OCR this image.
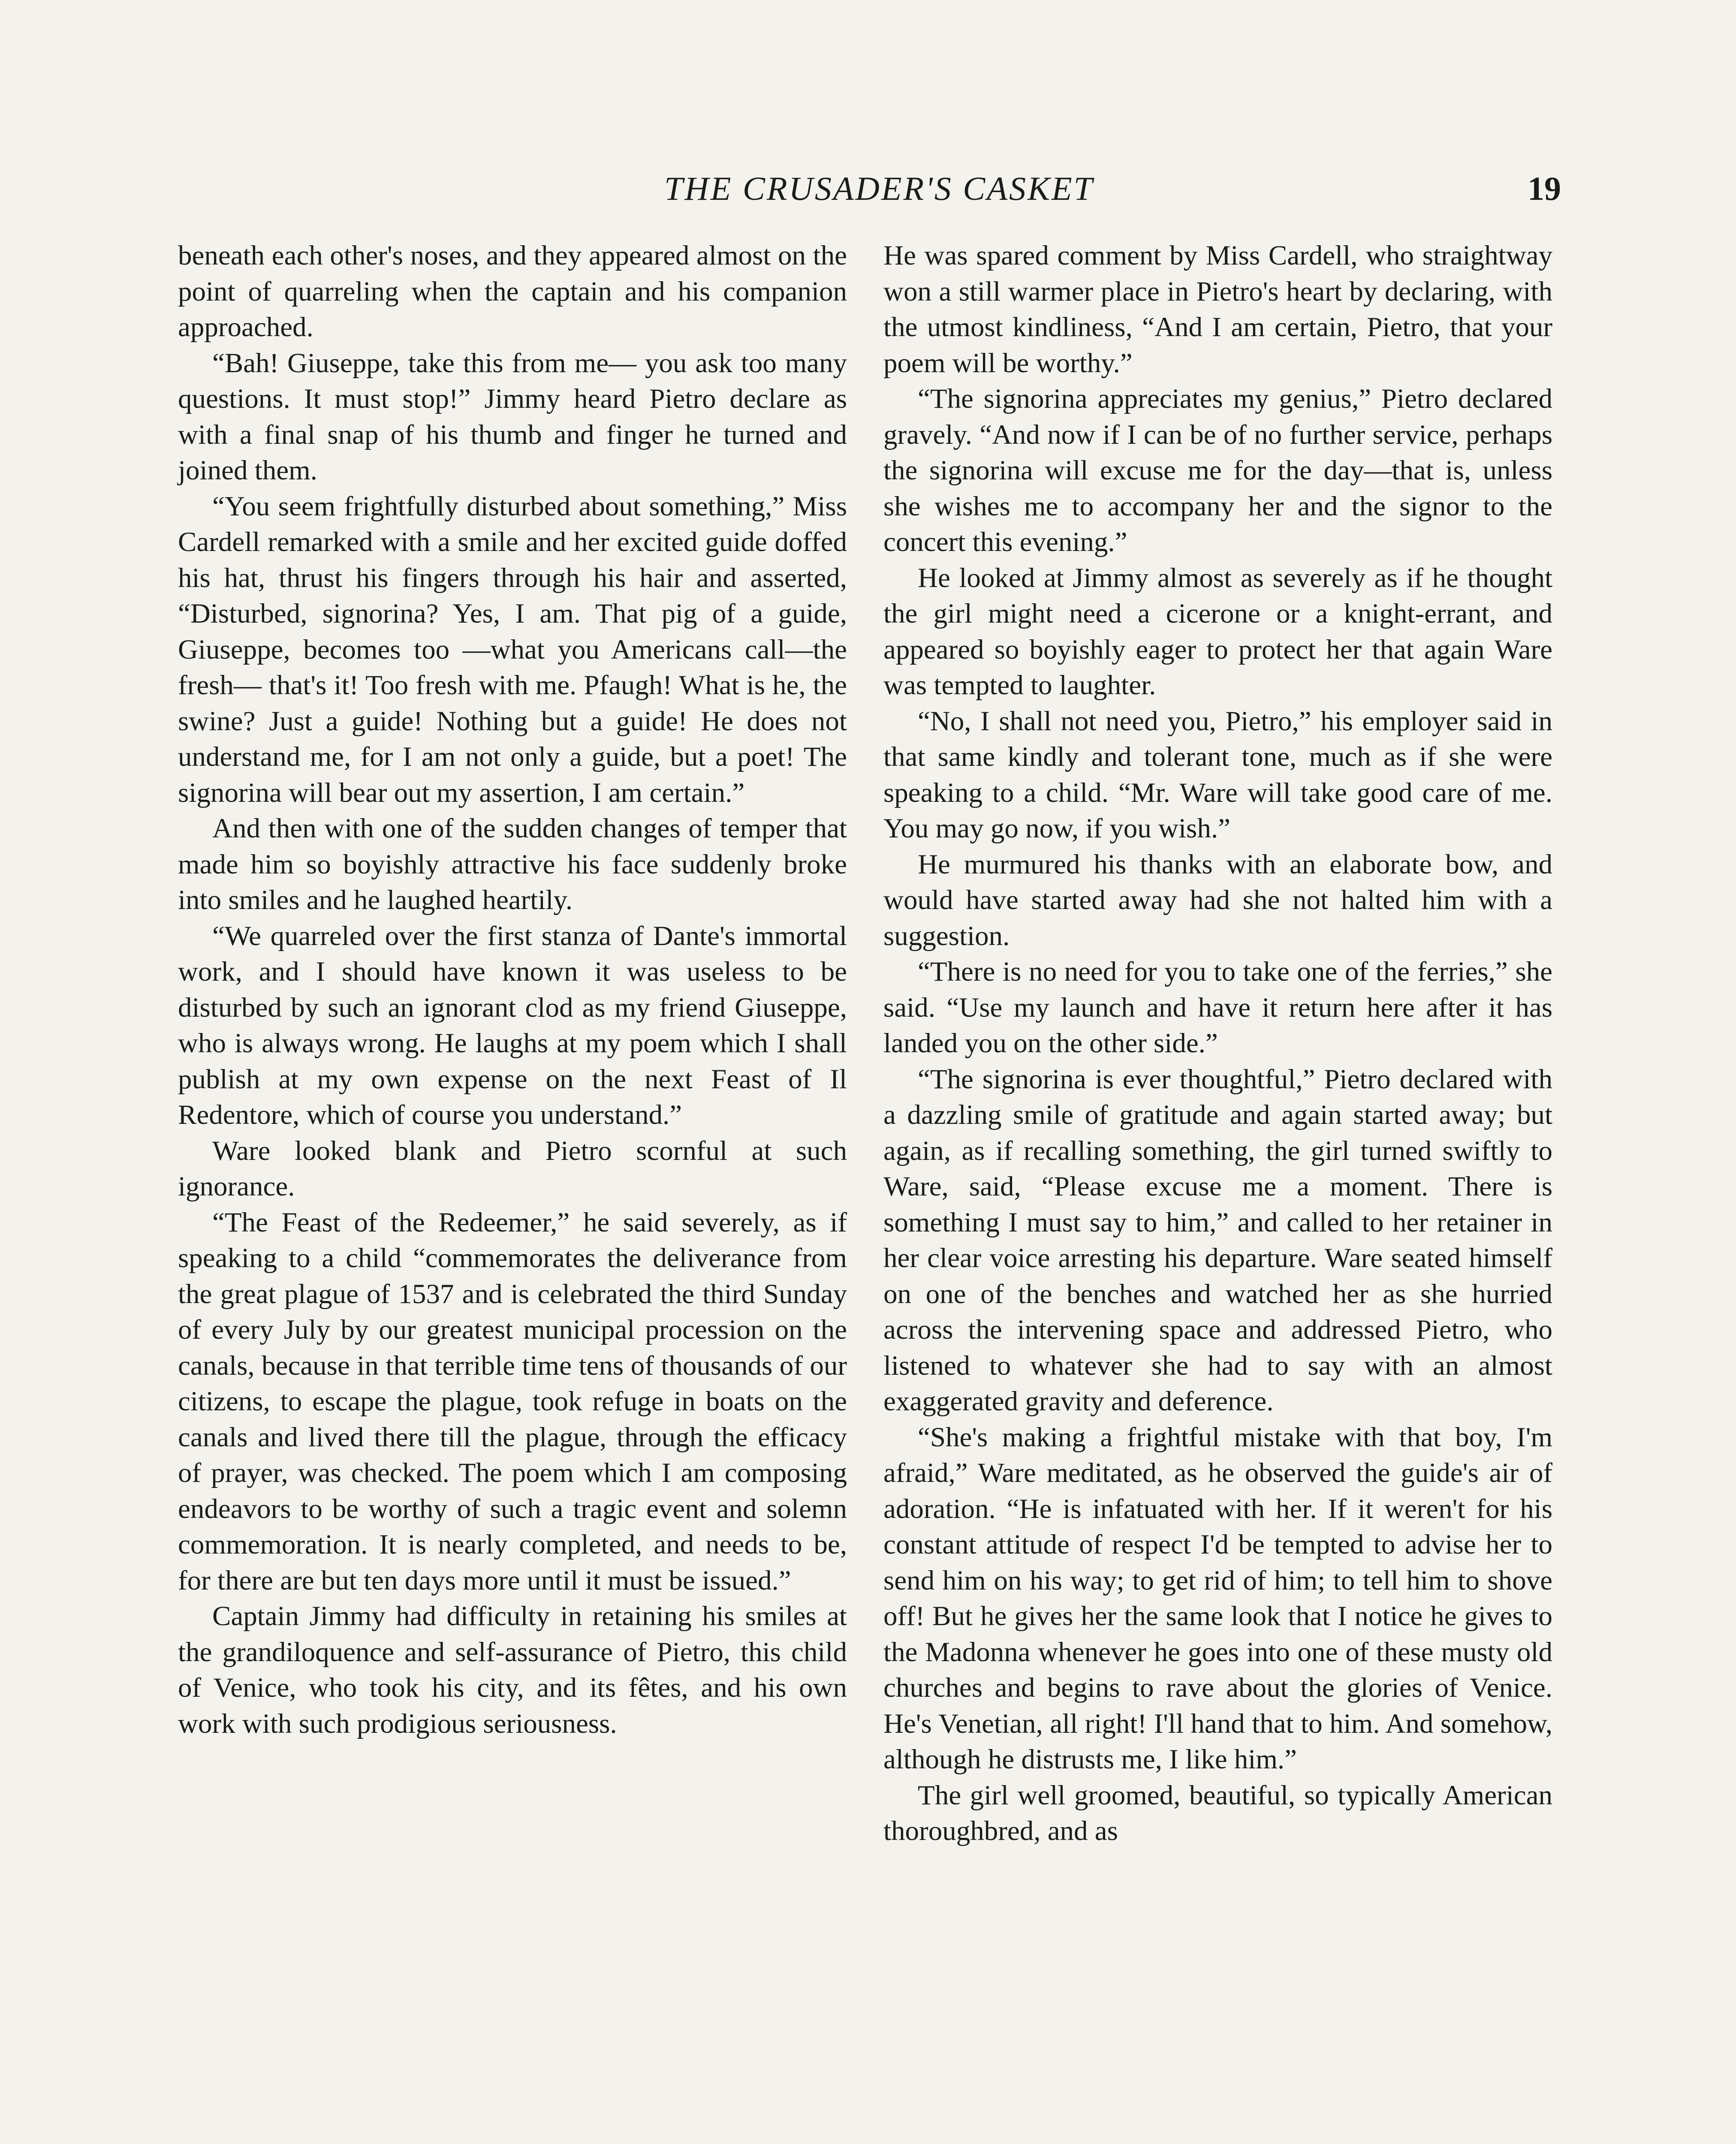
THE CRUSADER'S CASKET	19

beneath each other's noses, and they appeared almost on the point of quarreling when the captain and his companion approached.

“Bah! Giuseppe, take this from me— you ask too many questions. It must stop!” Jimmy heard Pietro declare as with a final snap of his thumb and finger he turned and joined them.

“You seem frightfully disturbed about something,” Miss Cardell remarked with a smile and her excited guide doffed his hat, thrust his fingers through his hair and asserted, “Disturbed, signorina? Yes, I am. That pig of a guide, Giuseppe, becomes too —what you Americans call—the fresh— that's it! Too fresh with me. Pfaugh! What is he, the swine? Just a guide! Nothing but a guide! He does not understand me, for I am not only a guide, but a poet! The signorina will bear out my assertion, I am certain.”

And then with one of the sudden changes of temper that made him so boyishly attractive his face suddenly broke into smiles and he laughed heartily.

“We quarreled over the first stanza of Dante's immortal work, and I should have known it was useless to be disturbed by such an ignorant clod as my friend Giuseppe, who is always wrong. He laughs at my poem which I shall publish at my own expense on the next Feast of Il Redentore, which of course you understand.”

Ware looked blank and Pietro scornful at such ignorance.

“The Feast of the Redeemer,” he said severely, as if speaking to a child “commemorates the deliverance from the great plague of 1537 and is celebrated the third Sunday of every July by our greatest municipal procession on the canals, because in that terrible time tens of thousands of our citizens, to escape the plague, took refuge in boats on the canals and lived there till the plague, through the efficacy of prayer, was checked. The poem which I am composing endeavors to be worthy of such a tragic event and solemn commemoration. It is nearly completed, and needs to be, for there are but ten days more until it must be issued.”

Captain Jimmy had difficulty in retaining his smiles at the grandiloquence and self-assurance of Pietro, this child of Venice, who took his city, and its fêtes, and his own work with such prodigious seriousness.

He was spared comment by Miss Cardell, who straightway won a still warmer place in Pietro's heart by declaring, with the utmost kindliness, “And I am certain, Pietro, that your poem will be worthy.”

“The signorina appreciates my genius,” Pietro declared gravely. “And now if I can be of no further service, perhaps the signorina will excuse me for the day—that is, unless she wishes me to accompany her and the signor to the concert this evening.”

He looked at Jimmy almost as severely as if he thought the girl might need a cicerone or a knight-errant, and appeared so boyishly eager to protect her that again Ware was tempted to laughter.

“No, I shall not need you, Pietro,” his employer said in that same kindly and tolerant tone, much as if she were speaking to a child. “Mr. Ware will take good care of me. You may go now, if you wish.”

He murmured his thanks with an elaborate bow, and would have started away had she not halted him with a suggestion.

“There is no need for you to take one of the ferries,” she said. “Use my launch and have it return here after it has landed you on the other side.”

“The signorina is ever thoughtful,” Pietro declared with a dazzling smile of gratitude and again started away; but again, as if recalling something, the girl turned swiftly to Ware, said, “Please excuse me a moment. There is something I must say to him,” and called to her retainer in her clear voice arresting his departure. Ware seated himself on one of the benches and watched her as she hurried across the intervening space and addressed Pietro, who listened to whatever she had to say with an almost exaggerated gravity and deference.

“She's making a frightful mistake with that boy, I'm afraid,” Ware meditated, as he observed the guide's air of adoration. “He is infatuated with her. If it weren't for his constant attitude of respect I'd be tempted to advise her to send him on his way; to get rid of him; to tell him to shove off! But he gives her the same look that I notice he gives to the Madonna whenever he goes into one of these musty old churches and begins to rave about the glories of Venice. He's Venetian, all right! I'll hand that to him. And somehow, although he distrusts me, I like him.”

The girl well groomed, beautiful, so typically American thoroughbred, and as
